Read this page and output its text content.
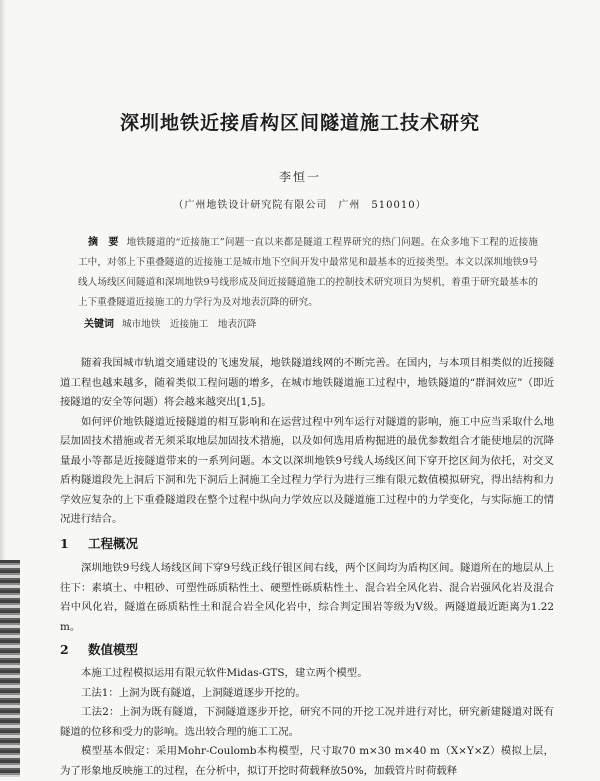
深圳地铁近接盾构区间隧道施工技术研究
李恒一
（广州地铁设计研究院有限公司　广州　510010）
摘　要 地铁隧道的“近接施工”问题一直以来都是隧道工程界研究的热门问题。在众多地下工程的近接施工中，对邻上下重叠隧道的近接施工是城市地下空间开发中最常见和最基本的近接类型。本文以深圳地铁9号线人场线区间隧道和深圳地铁9号线形成及间近接隧道施工的控制技术研究项目为契机，着重于研究最基本的上下重叠隧道近接施工的力学行为及对地表沉降的研究。
关键词 城市地铁　近接施工　地表沉降

随着我国城市轨道交通建设的飞速发展，地铁隧道线网的不断完善。在国内，与本项目相类似的近接隧道工程也越来越多，随着类似工程问题的增多，在城市地铁隧道施工过程中，地铁隧道的“群洞效应”（即近接隧道的安全等问题）将会越来越突出[1,5]。

如何评价地铁隧道近接隧道的相互影响和在运营过程中列车运行对隧道的影响，施工中应当采取什么地层加固技术措施或者无须采取地层加固技术措施，以及如何选用盾构掘进的最优参数组合才能使地层的沉降量最小等都是近接隧道带来的一系列问题。本文以深圳地铁9号线人场线区间下穿开挖区间为依托，对交叉盾构隧道段先上洞后下洞和先下洞后上洞施工全过程力学行为进行三维有限元数值模拟研究，得出结构和力学效应复杂的上下重叠隧道段在整个过程中纵向力学效应以及隧道施工过程中的力学变化，与实际施工的情况进行结合。

1 工程概况

深圳地铁9号线人场线区间下穿9号线正线仔银区间右线，两个区间均为盾构区间。隧道所在的地层从上往下：素填土、中粗砂、可塑性砾质粘性土、硬塑性砾质粘性土、混合岩全风化岩、混合岩强风化岩及混合岩中风化岩，隧道在砾质粘性土和混合岩全风化岩中，综合判定围岩等级为Ⅴ级。两隧道最近距离为1.22 m。

2 数值模型

本施工过程模拟运用有限元软件Midas-GTS，建立两个模型。

工法1：上洞为既有隧道，上洞隧道逐步开挖的。

工法2：上洞为既有隧道，下洞隧道逐步开挖，研究不同的开挖工况并进行对比，研究新建隧道对既有隧道的位移和受力的影响。选出较合理的施工工况。

模型基本假定：采用Mohr-Coulomb本构模型，尺寸取70 m×30 m×40 m（X×Y×Z）模拟上层，为了形象地反映施工的过程，在分析中，拟订开挖时荷载释放50%，加载管片时荷载释
